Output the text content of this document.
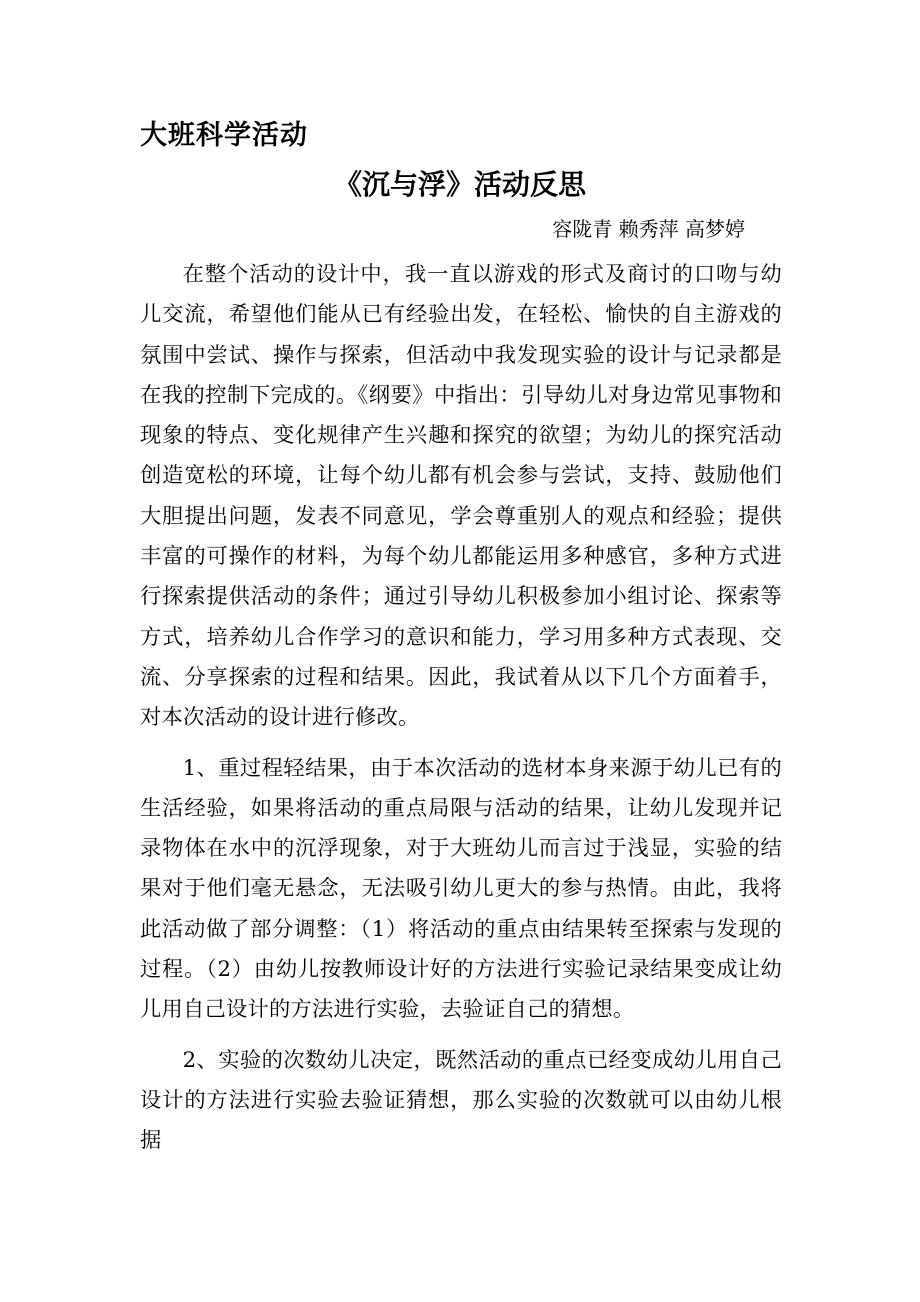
大班科学活动
《沉与浮》活动反思
容陇青 赖秀萍 高梦婷

在整个活动的设计中，我一直以游戏的形式及商讨的口吻与幼儿交流，希望他们能从已有经验出发，在轻松、愉快的自主游戏的氛围中尝试、操作与探索，但活动中我发现实验的设计与记录都是在我的控制下完成的。《纲要》中指出：引导幼儿对身边常见事物和现象的特点、变化规律产生兴趣和探究的欲望；为幼儿的探究活动创造宽松的环境，让每个幼儿都有机会参与尝试，支持、鼓励他们大胆提出问题，发表不同意见，学会尊重别人的观点和经验；提供丰富的可操作的材料，为每个幼儿都能运用多种感官，多种方式进行探索提供活动的条件；通过引导幼儿积极参加小组讨论、探索等方式，培养幼儿合作学习的意识和能力，学习用多种方式表现、交流、分享探索的过程和结果。因此，我试着从以下几个方面着手，对本次活动的设计进行修改。

1、重过程轻结果，由于本次活动的选材本身来源于幼儿已有的生活经验，如果将活动的重点局限与活动的结果，让幼儿发现并记录物体在水中的沉浮现象，对于大班幼儿而言过于浅显，实验的结果对于他们毫无悬念，无法吸引幼儿更大的参与热情。由此，我将此活动做了部分调整：（1）将活动的重点由结果转至探索与发现的过程。（2）由幼儿按教师设计好的方法进行实验记录结果变成让幼儿用自己设计的方法进行实验，去验证自己的猜想。

2、实验的次数幼儿决定，既然活动的重点已经变成幼儿用自己设计的方法进行实验去验证猜想，那么实验的次数就可以由幼儿根据
